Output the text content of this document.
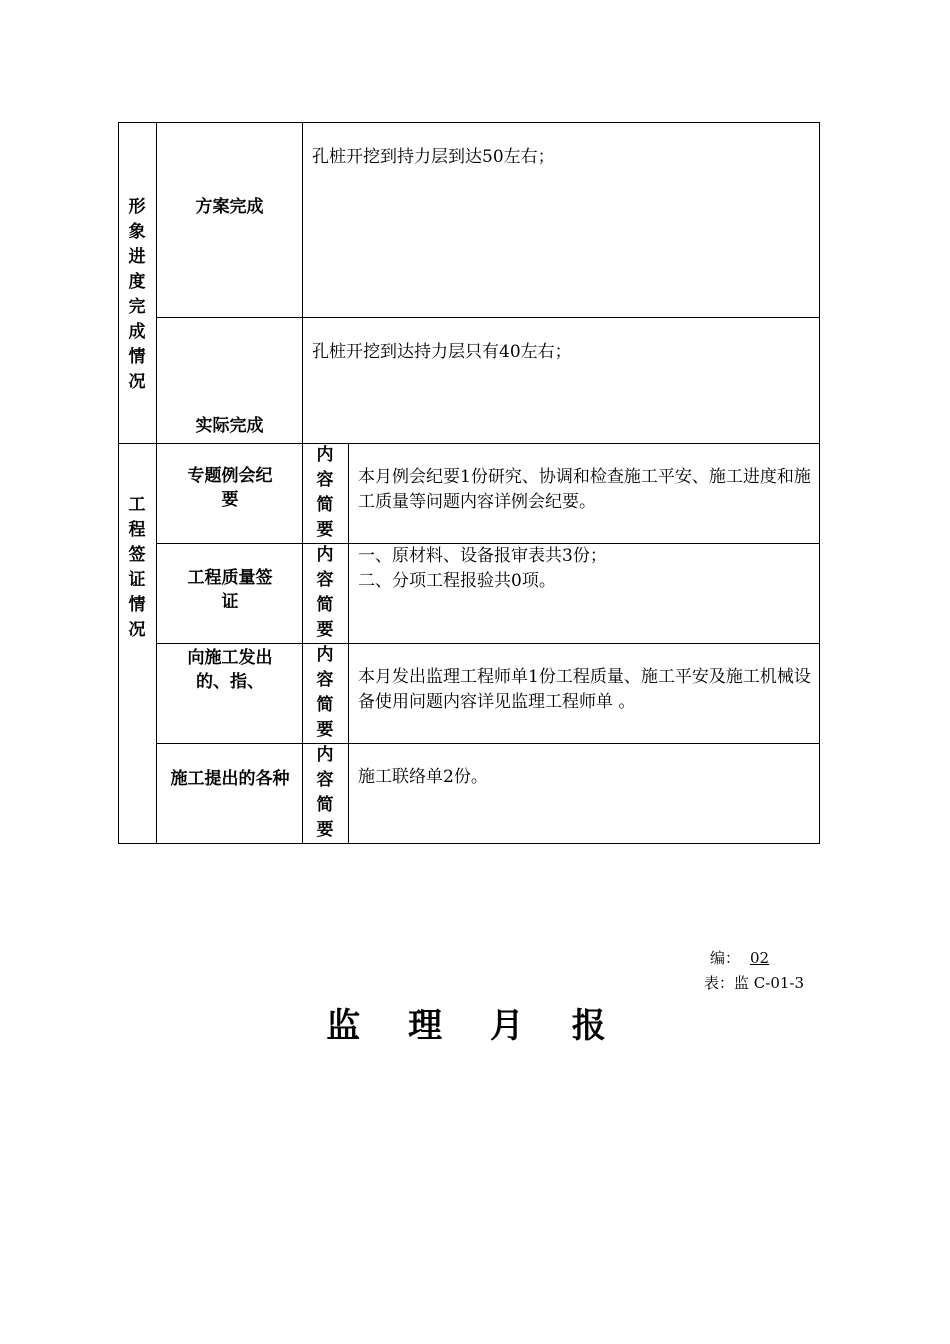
形象进度完成情况
方案完成
孔桩开挖到持力层到达50左右；
实际完成
孔桩开挖到达持力层只有40左右；
工程签证情况
专题例会纪要
内容简要
本月例会纪要1份研究、协调和检查施工平安、施工进度和施工质量等问题内容详例会纪要。
工程质量签　证
内容简要
一、原材料、设备报审表共3份；
二、分项工程报验共0项。
向施工发出的、指、
内容简要
本月发出监理工程师单1份工程质量、施工平安及施工机械设备使用问题内容详见监理工程师单 。
施工提出的各种
内容简要
施工联络单2份。
编： 02
表：监 C-01-3
监 理 月 报
